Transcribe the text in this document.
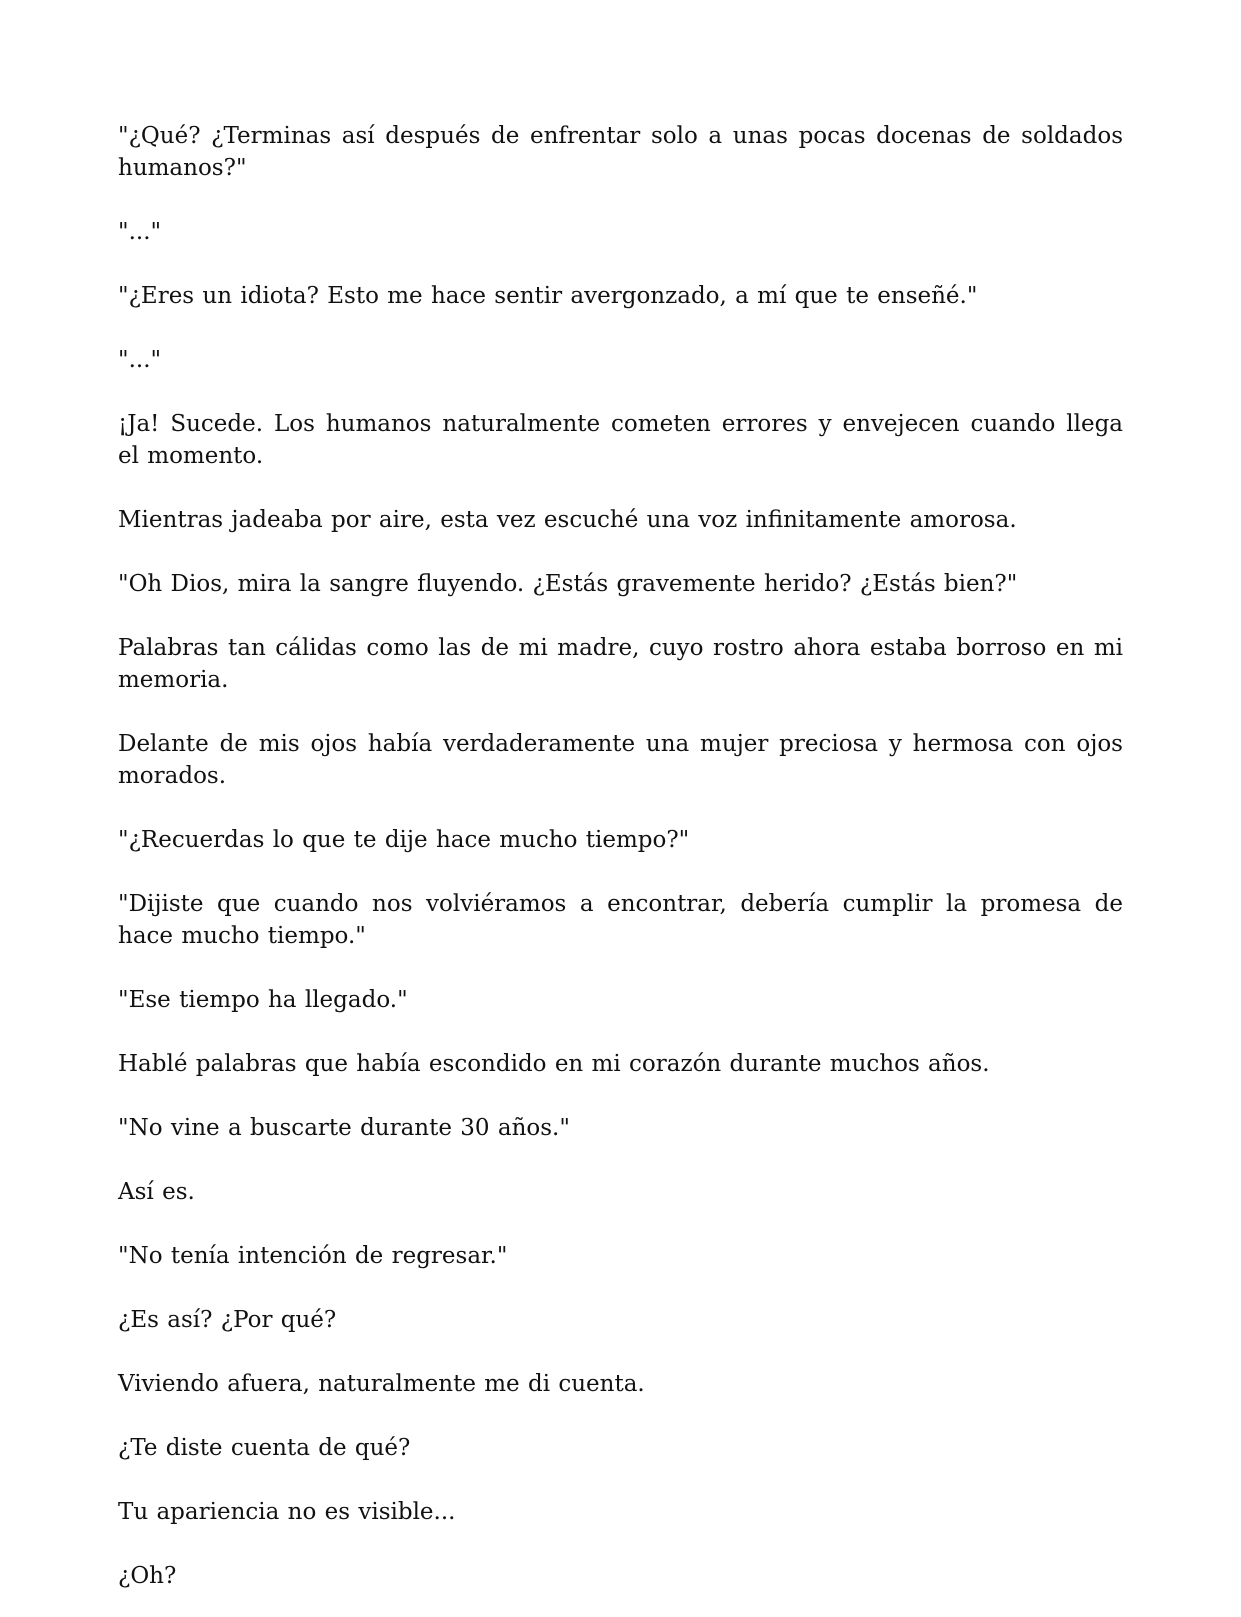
"¿Qué? ¿Terminas así después de enfrentar solo a unas pocas docenas de soldados humanos?"

"..."

"¿Eres un idiota? Esto me hace sentir avergonzado, a mí que te enseñé."

"..."

¡Ja! Sucede. Los humanos naturalmente cometen errores y envejecen cuando llega el momento.

Mientras jadeaba por aire, esta vez escuché una voz infinitamente amorosa.

"Oh Dios, mira la sangre fluyendo. ¿Estás gravemente herido? ¿Estás bien?"

Palabras tan cálidas como las de mi madre, cuyo rostro ahora estaba borroso en mi memoria.

Delante de mis ojos había verdaderamente una mujer preciosa y hermosa con ojos morados.

"¿Recuerdas lo que te dije hace mucho tiempo?"

"Dijiste que cuando nos volviéramos a encontrar, debería cumplir la promesa de hace mucho tiempo."

"Ese tiempo ha llegado."

Hablé palabras que había escondido en mi corazón durante muchos años.

"No vine a buscarte durante 30 años."

Así es.

"No tenía intención de regresar."

¿Es así? ¿Por qué?

Viviendo afuera, naturalmente me di cuenta.

¿Te diste cuenta de qué?

Tu apariencia no es visible...

¿Oh?
